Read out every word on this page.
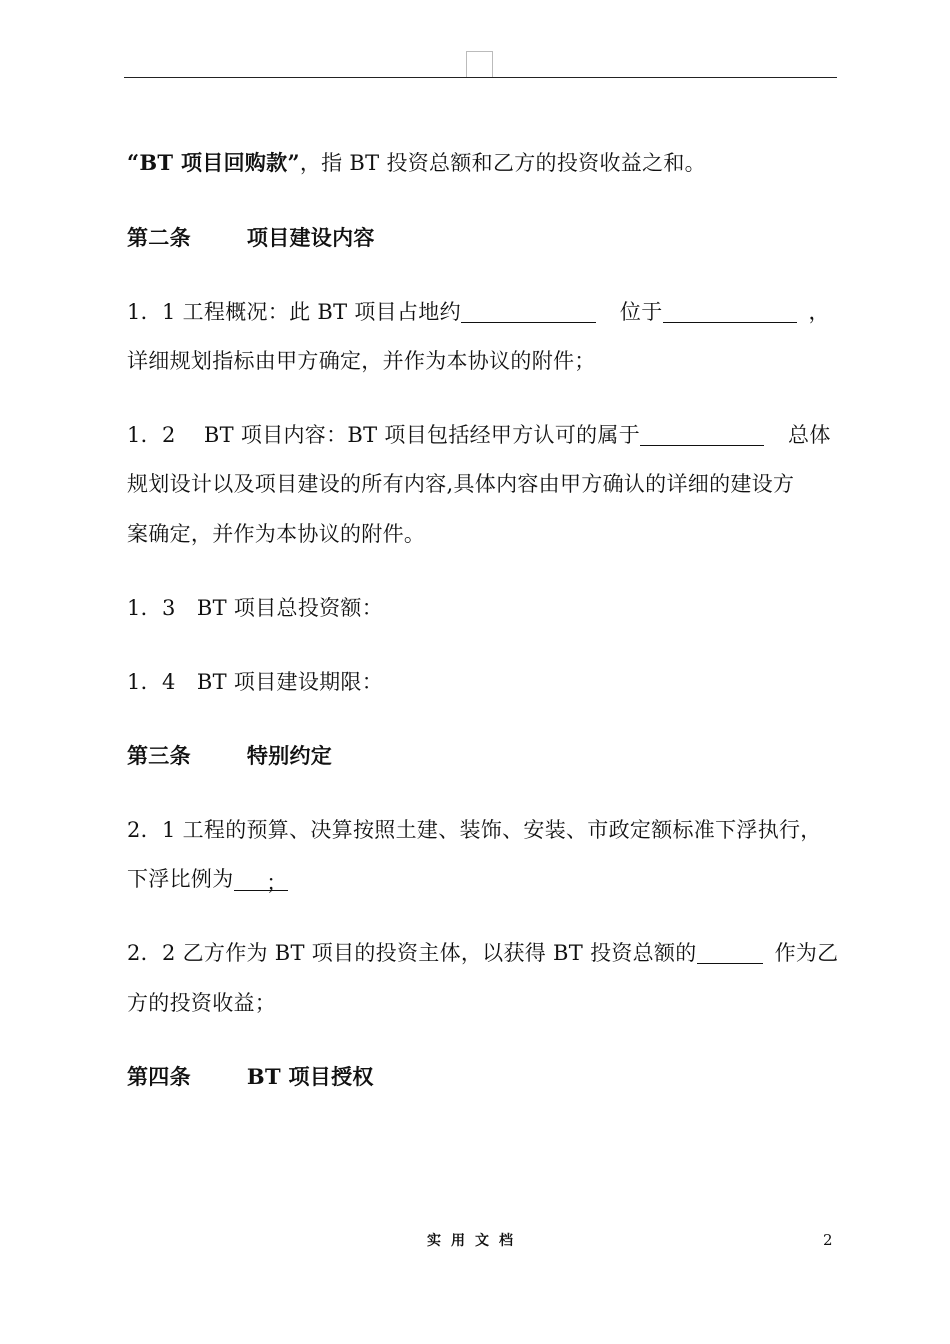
“BT 项目回购款”，指 BT 投资总额和乙方的投资收益之和。
第二条	项目建设内容
1．1 工程概况：此 BT 项目占地约	位于	，
详细规划指标由甲方确定，并作为本协议的附件；
1．2　 BT 项目内容：BT 项目包括经甲方认可的属于	总体
规划设计以及项目建设的所有内容,具体内容由甲方确认的详细的建设方
案确定，并作为本协议的附件。
1．3　BT 项目总投资额：
1．4　BT 项目建设期限：
第三条	特别约定
2．1 工程的预算、决算按照土建、装饰、安装、市政定额标准下浮执行，
下浮比例为 ；
2．2 乙方作为 BT 项目的投资主体，以获得 BT 投资总额的	作为乙
方的投资收益；
第四条	BT 项目授权
实用文档	2
